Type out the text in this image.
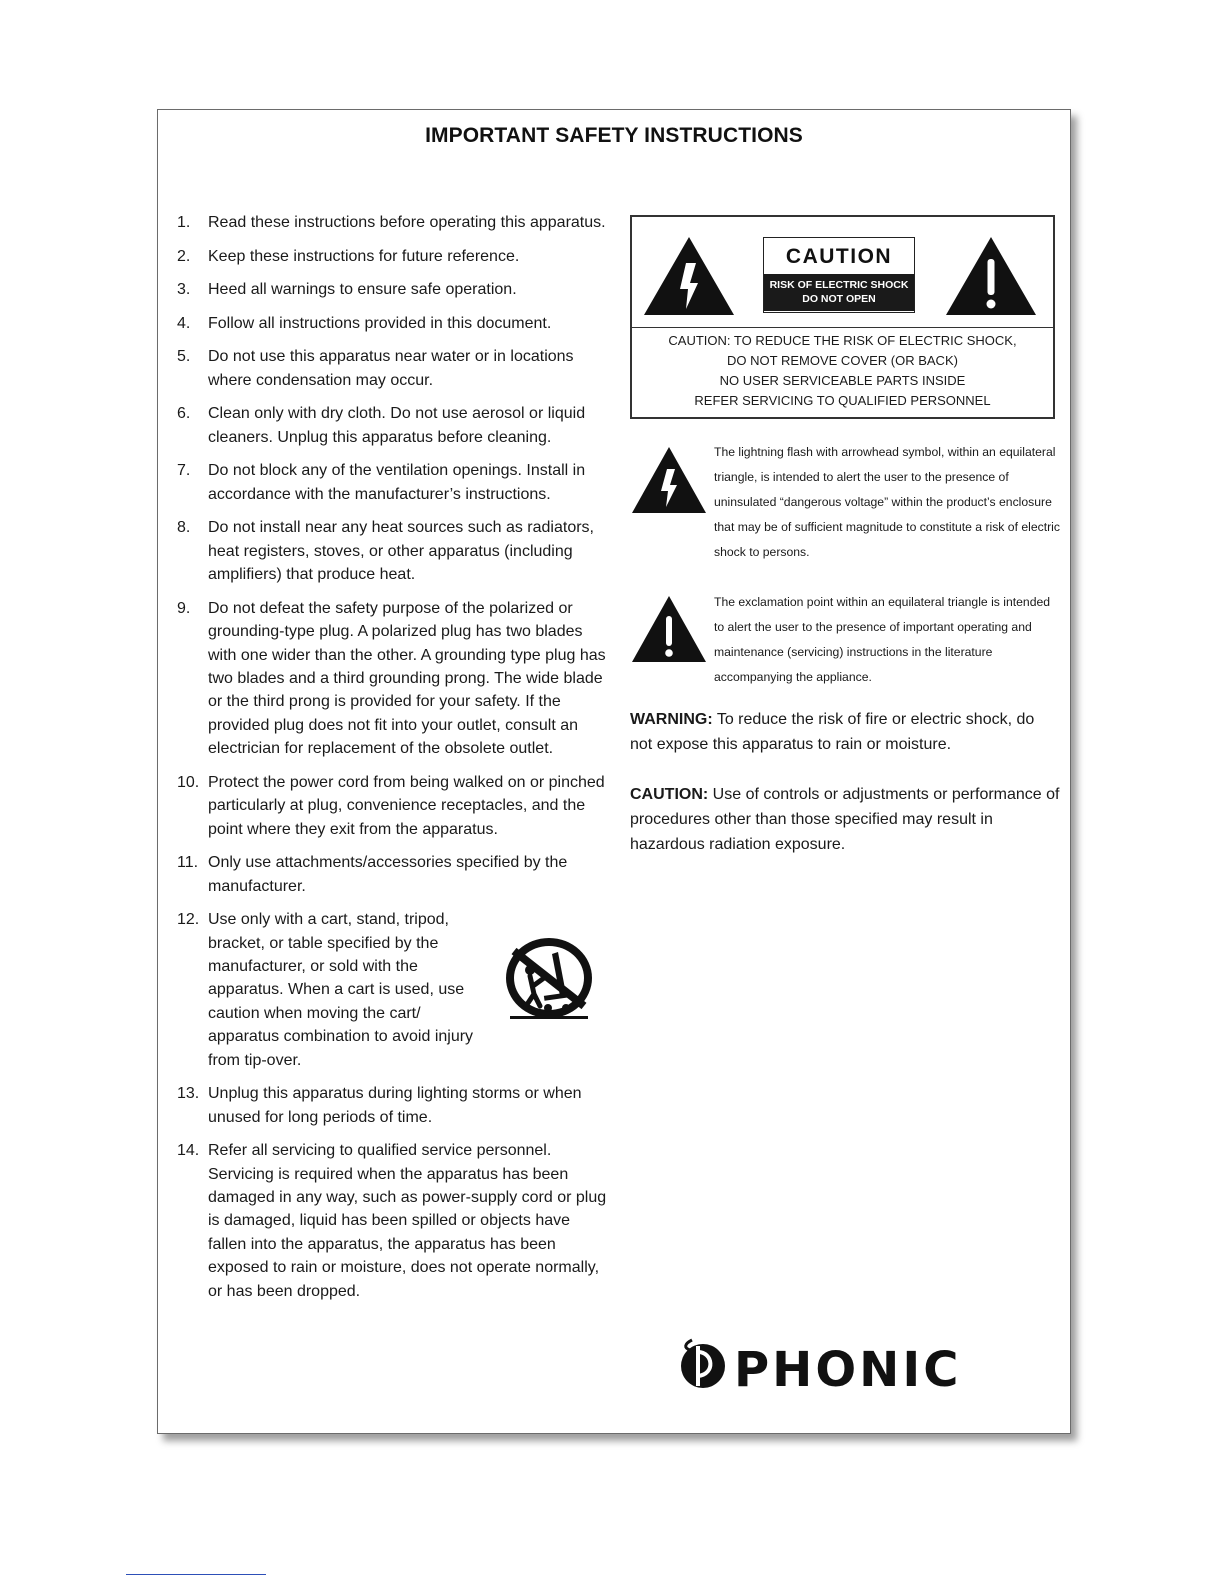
IMPORTANT SAFETY INSTRUCTIONS
1. Read these instructions before operating this apparatus.
2. Keep these instructions for future reference.
3. Heed all warnings to ensure safe operation.
4. Follow all instructions provided in this document.
5. Do not use this apparatus near water or in locations where condensation may occur.
6. Clean only with dry cloth. Do not use aerosol or liquid cleaners. Unplug this apparatus before cleaning.
7. Do not block any of the ventilation openings. Install in accordance with the manufacturer’s instructions.
8. Do not install near any heat sources such as radiators, heat registers, stoves, or other apparatus (including amplifiers) that produce heat.
9. Do not defeat the safety purpose of the polarized or grounding-type plug. A polarized plug has two blades with one wider than the other. A grounding type plug has two blades and a third grounding prong. The wide blade or the third prong is provided for your safety. If the provided plug does not fit into your outlet, consult an electrician for replacement of the obsolete outlet.
10. Protect the power cord from being walked on or pinched particularly at plug, convenience receptacles, and the point where they exit from the apparatus.
11. Only use attachments/accessories specified by the manufacturer.
12. Use only with a cart, stand, tripod, bracket, or table specified by the manufacturer, or sold with the apparatus. When a cart is used, use caution when moving the cart/ apparatus combination to avoid injury from tip-over.
13. Unplug this apparatus during lighting storms or when unused for long periods of time.
14. Refer all servicing to qualified service personnel. Servicing is required when the apparatus has been damaged in any way, such as power-supply cord or plug is damaged, liquid has been spilled or objects have fallen into the apparatus, the apparatus has been exposed to rain or moisture, does not operate normally, or has been dropped.
CAUTION
RISK OF ELECTRIC SHOCK
DO NOT OPEN
CAUTION: TO REDUCE THE RISK OF ELECTRIC SHOCK,
DO NOT REMOVE COVER (OR BACK)
NO USER SERVICEABLE PARTS INSIDE
REFER SERVICING TO QUALIFIED PERSONNEL
The lightning flash with arrowhead symbol, within an equilateral triangle, is intended to alert the user to the presence of uninsulated “dangerous voltage” within the product’s enclosure that may be of sufficient magnitude to constitute a risk of electric shock to persons.
The exclamation point within an equilateral triangle is intended to alert the user to the presence of important operating and maintenance (servicing) instructions in the literature accompanying the appliance.
WARNING: To reduce the risk of fire or electric shock, do not expose this apparatus to rain or moisture.
CAUTION: Use of controls or adjustments or performance of procedures other than those specified may result in hazardous radiation exposure.
PHONIC
